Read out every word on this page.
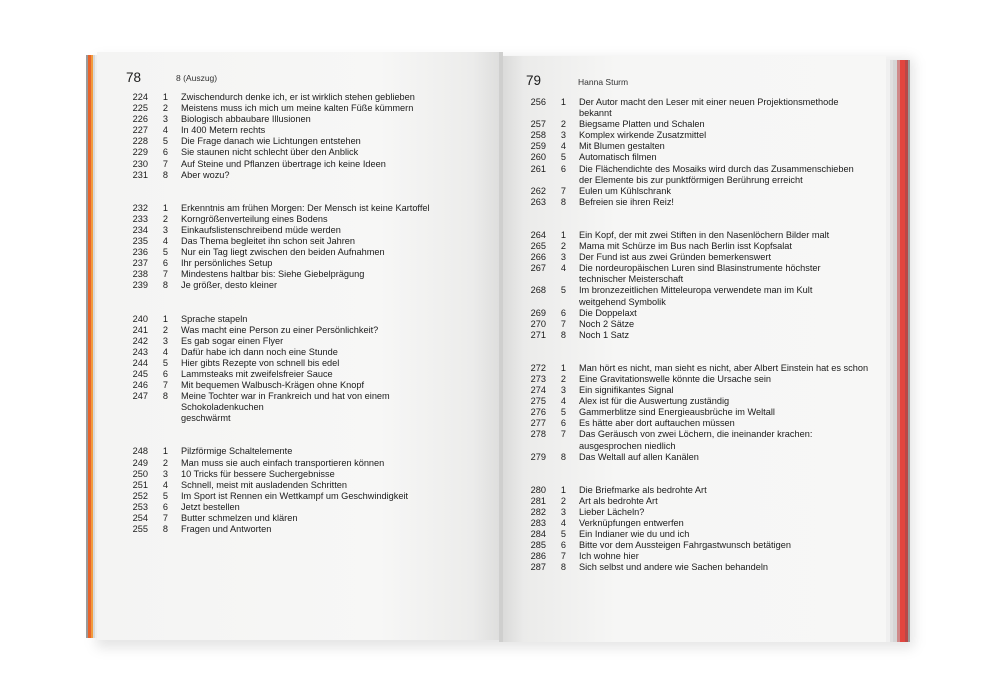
78	8 (Auszug)	79	Hanna Sturm
224	1	Zwischendurch denke ich, er ist wirklich stehen geblieben
225	2	Meistens muss ich mich um meine kalten Füße kümmern
226	3	Biologisch abbaubare Illusionen
227	4	In 400 Metern rechts
228	5	Die Frage danach wie Lichtungen entstehen
229	6	Sie staunen nicht schlecht über den Anblick
230	7	Auf Steine und Pflanzen übertrage ich keine Ideen
231	8	Aber wozu?
232	1	Erkenntnis am frühen Morgen: Der Mensch ist keine Kartoffel
233	2	Korngrößenverteilung eines Bodens
234	3	Einkaufslistenschreibend müde werden
235	4	Das Thema begleitet ihn schon seit Jahren
236	5	Nur ein Tag liegt zwischen den beiden Aufnahmen
237	6	Ihr persönliches Setup
238	7	Mindestens haltbar bis: Siehe Giebelprägung
239	8	Je größer, desto kleiner
240	1	Sprache stapeln
241	2	Was macht eine Person zu einer Persönlichkeit?
242	3	Es gab sogar einen Flyer
243	4	Dafür habe ich dann noch eine Stunde
244	5	Hier gibts Rezepte von schnell bis edel
245	6	Lammsteaks mit zweifelsfreier Sauce
246	7	Mit bequemen Walbusch-Krägen ohne Knopf
247	8	Meine Tochter war in Frankreich und hat von einem Schokoladenkuchen
geschwärmt
248	1	Pilzförmige Schaltelemente
249	2	Man muss sie auch einfach transportieren können
250	3	10 Tricks für bessere Suchergebnisse
251	4	Schnell, meist mit ausladenden Schritten
252	5	Im Sport ist Rennen ein Wettkampf um Geschwindigkeit
253	6	Jetzt bestellen
254	7	Butter schmelzen und klären
255	8	Fragen und Antworten
256	1	Der Autor macht den Leser mit einer neuen Projektionsmethode
bekannt
257	2	Biegsame Platten und Schalen
258	3	Komplex wirkende Zusatzmittel
259	4	Mit Blumen gestalten
260	5	Automatisch filmen
261	6	Die Flächendichte des Mosaiks wird durch das Zusammenschieben
der Elemente bis zur punktförmigen Berührung erreicht
262	7	Eulen um Kühlschrank
263	8	Befreien sie ihren Reiz!
264	1	Ein Kopf, der mit zwei Stiften in den Nasenlöchern Bilder malt
265	2	Mama mit Schürze im Bus nach Berlin isst Kopfsalat
266	3	Der Fund ist aus zwei Gründen bemerkenswert
267	4	Die nordeuropäischen Luren sind Blasinstrumente höchster
technischer Meisterschaft
268	5	Im bronzezeitlichen Mitteleuropa verwendete man im Kult
weitgehend Symbolik
269	6	Die Doppelaxt
270	7	Noch 2 Sätze
271	8	Noch 1 Satz
272	1	Man hört es nicht, man sieht es nicht, aber Albert Einstein hat es schon
273	2	Eine Gravitationswelle könnte die Ursache sein
274	3	Ein signifikantes Signal
275	4	Alex ist für die Auswertung zuständig
276	5	Gammerblitze sind Energieausbrüche im Weltall
277	6	Es hätte aber dort auftauchen müssen
278	7	Das Geräusch von zwei Löchern, die ineinander krachen:
ausgesprochen niedlich
279	8	Das Weltall auf allen Kanälen
280	1	Die Briefmarke als bedrohte Art
281	2	Art als bedrohte Art
282	3	Lieber Lächeln?
283	4	Verknüpfungen entwerfen
284	5	Ein Indianer wie du und ich
285	6	Bitte vor dem Aussteigen Fahrgastwunsch betätigen
286	7	Ich wohne hier
287	8	Sich selbst und andere wie Sachen behandeln
